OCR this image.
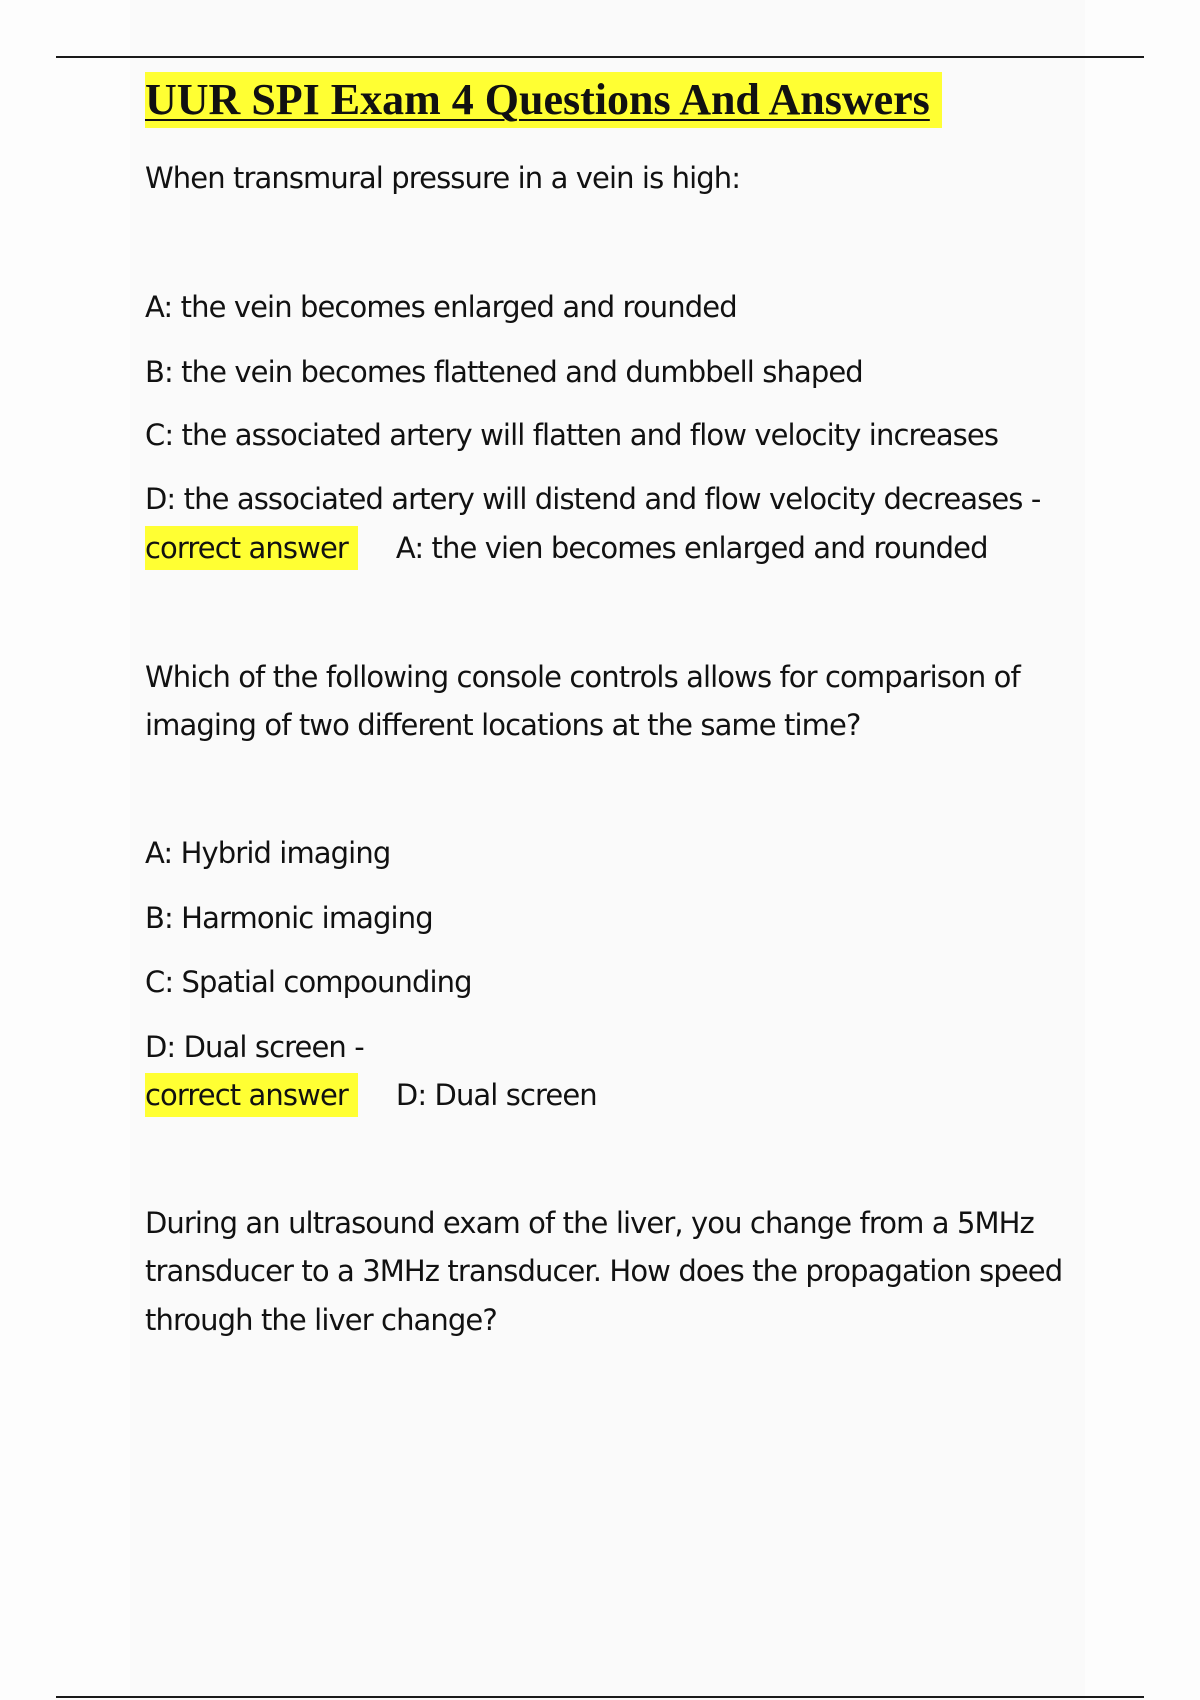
UUR SPI Exam 4 Questions And Answers

When transmural pressure in a vein is high:

A: the vein becomes enlarged and rounded

B: the vein becomes flattened and dumbbell shaped

C: the associated artery will flatten and flow velocity increases

D: the associated artery will distend and flow velocity decreases -

correct answer A: the vien becomes enlarged and rounded

Which of the following console controls allows for comparison of

imaging of two different locations at the same time?

A: Hybrid imaging

B: Harmonic imaging

C: Spatial compounding

D: Dual screen -

correct answer D: Dual screen

During an ultrasound exam of the liver, you change from a 5MHz

transducer to a 3MHz transducer. How does the propagation speed

through the liver change?
